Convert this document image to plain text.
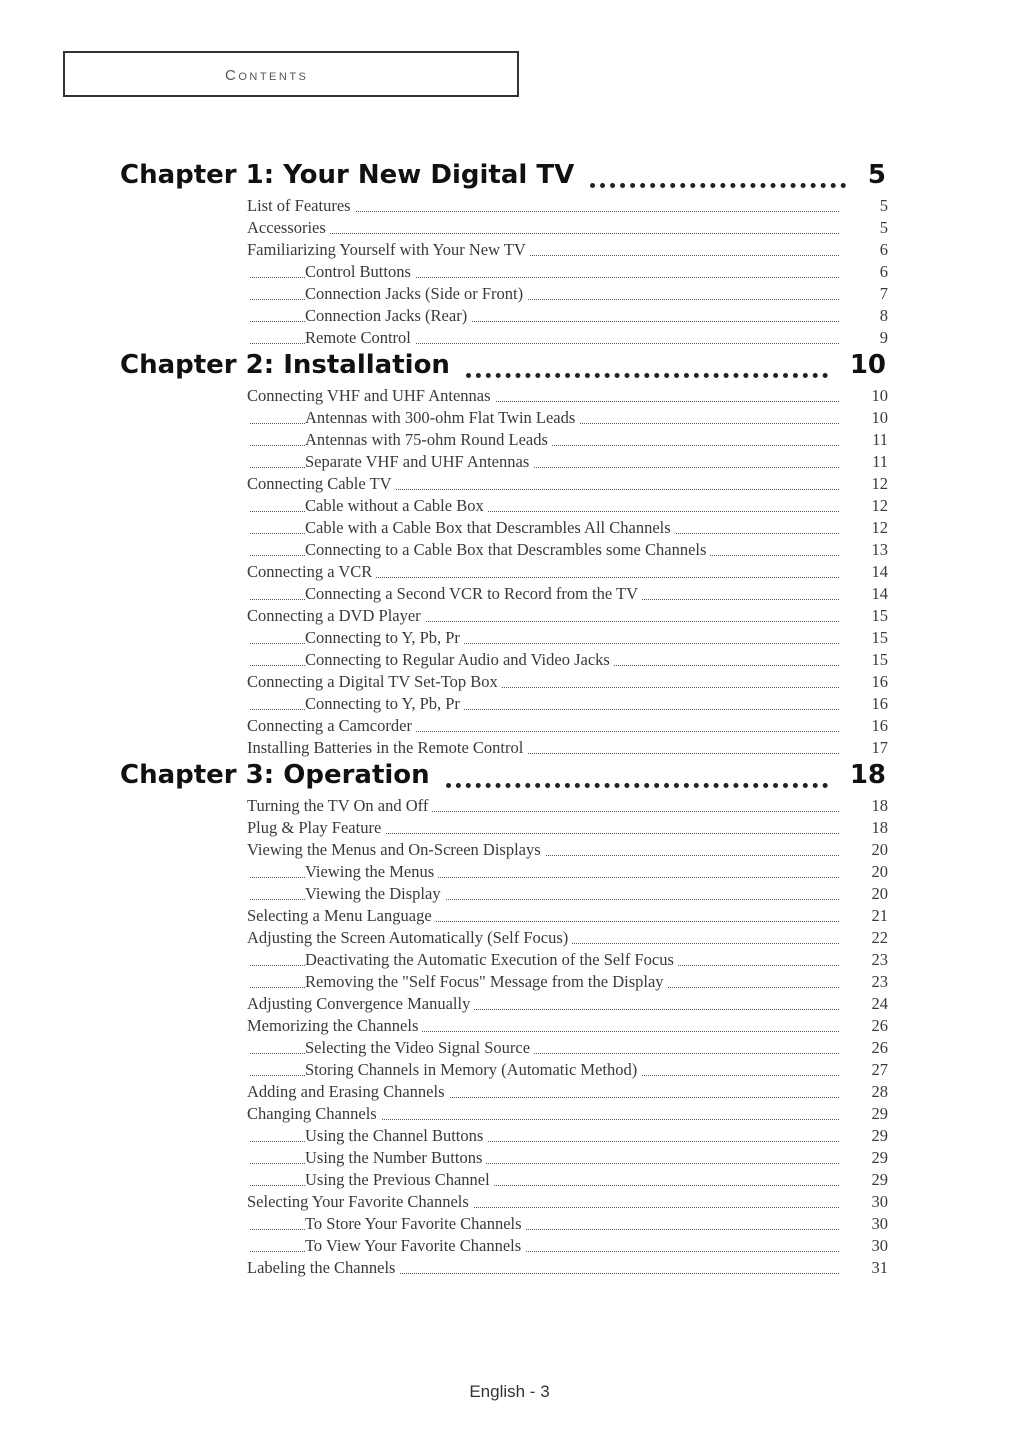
Contents
Chapter 1: Your New Digital TV	5
List of Features	5
Accessories	5
Familiarizing Yourself with Your New TV	6
Control Buttons	6
Connection Jacks (Side or Front)	7
Connection Jacks (Rear)	8
Remote Control	9
Chapter 2: Installation	10
Connecting VHF and UHF Antennas	10
Antennas with 300-ohm Flat Twin Leads	10
Antennas with 75-ohm Round Leads	11
Separate VHF and UHF Antennas	11
Connecting Cable TV	12
Cable without a Cable Box	12
Cable with a Cable Box that Descrambles All Channels	12
Connecting to a Cable Box that Descrambles some Channels	13
Connecting a VCR	14
Connecting a Second VCR to Record from the TV	14
Connecting a DVD Player	15
Connecting to Y, Pb, Pr	15
Connecting to Regular Audio and Video Jacks	15
Connecting a Digital TV Set-Top Box	16
Connecting to Y, Pb, Pr	16
Connecting a Camcorder	16
Installing Batteries in the Remote Control	17
Chapter 3: Operation	18
Turning the TV On and Off	18
Plug & Play Feature	18
Viewing the Menus and On-Screen Displays	20
Viewing the Menus	20
Viewing the Display	20
Selecting a Menu Language	21
Adjusting the Screen Automatically (Self Focus)	22
Deactivating the Automatic Execution of the Self Focus	23
Removing the "Self Focus" Message from the Display	23
Adjusting Convergence Manually	24
Memorizing the Channels	26
Selecting the Video Signal Source	26
Storing Channels in Memory (Automatic Method)	27
Adding and Erasing Channels	28
Changing Channels	29
Using the Channel Buttons	29
Using the Number Buttons	29
Using the Previous Channel	29
Selecting Your Favorite Channels	30
To Store Your Favorite Channels	30
To View Your Favorite Channels	30
Labeling the Channels	31
English - 3
